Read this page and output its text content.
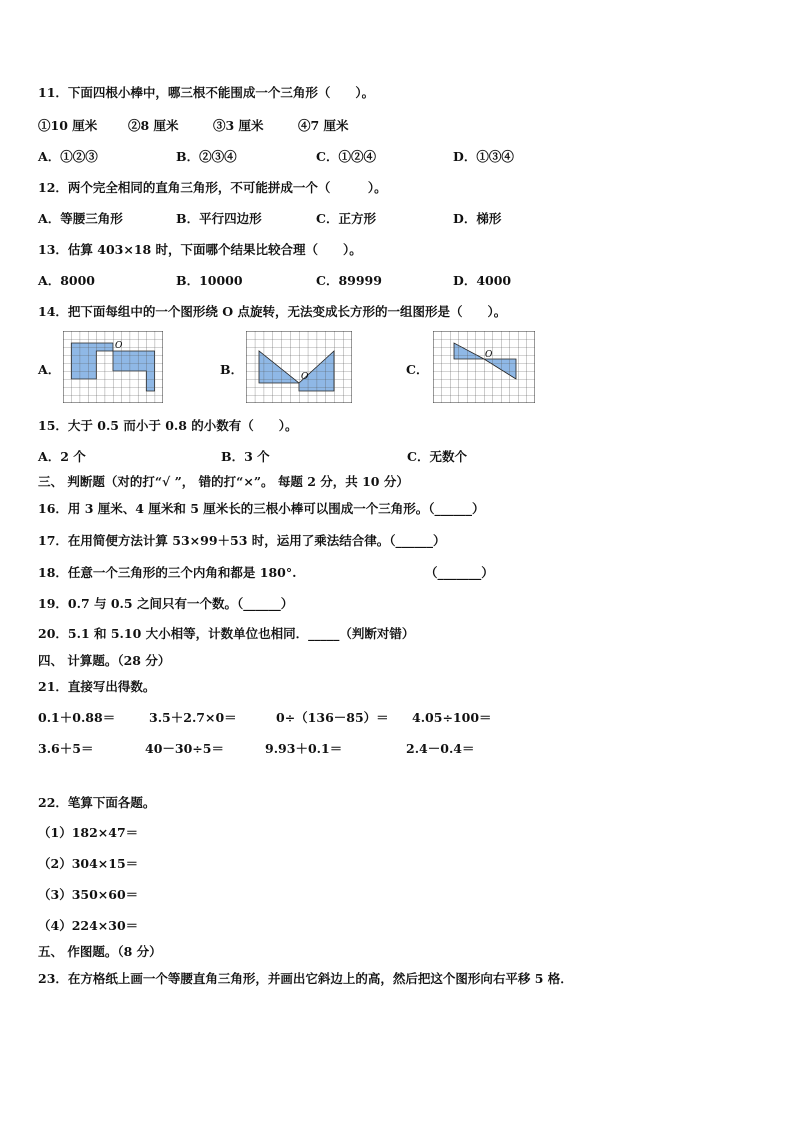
11．下面四根小棒中，哪三根不能围成一个三角形（　　）。
①10 厘米 ②8 厘米	③3 厘米	④7 厘米
A．①②③	B．②③④	C．①②④	D．①③④
12．两个完全相同的直角三角形，不可能拼成一个（　　　）。
A．等腰三角形	B．平行四边形	C．正方形	D．梯形
13．估算 403×18 时，下面哪个结果比较合理（　　）。
A．8000	B．10000	C．89999	D．4000
14．把下面每组中的一个图形绕 O 点旋转，无法变成长方形的一组图形是（　　）。
A．
O
B．	O	C．
O
15．大于 0.5 而小于 0.8 的小数有（　　）。
A．2 个	B．3 个	C．无数个
三、 判断题（对的打“√ ”， 错的打“×”。 每题 2 分，共 10 分）
16．用 3 厘米、4 厘米和 5 厘米长的三根小棒可以围成一个三角形。（______）
17．在用简便方法计算 53×99＋53 时，运用了乘法结合律。（______）
18．任意一个三角形的三个内角和都是 180°.	（_______）
19．0.7 与 0.5 之间只有一个数。（______）
20．5.1 和 5.10 大小相等，计数单位也相同．_____（判断对错）
四、 计算题。（28 分）
21．直接写出得数。
0.1＋0.88＝	3.5＋2.7×0＝	0÷（136－85）＝ 4.05÷100＝
3.6＋5＝	40－30÷5＝	9.93＋0.1＝	2.4－0.4＝
22．笔算下面各题。
（1）182×47＝
（2）304×15＝
（3）350×60＝
（4）224×30＝
五、 作图题。（8 分）
23．在方格纸上画一个等腰直角三角形，并画出它斜边上的高，然后把这个图形向右平移 5 格．
